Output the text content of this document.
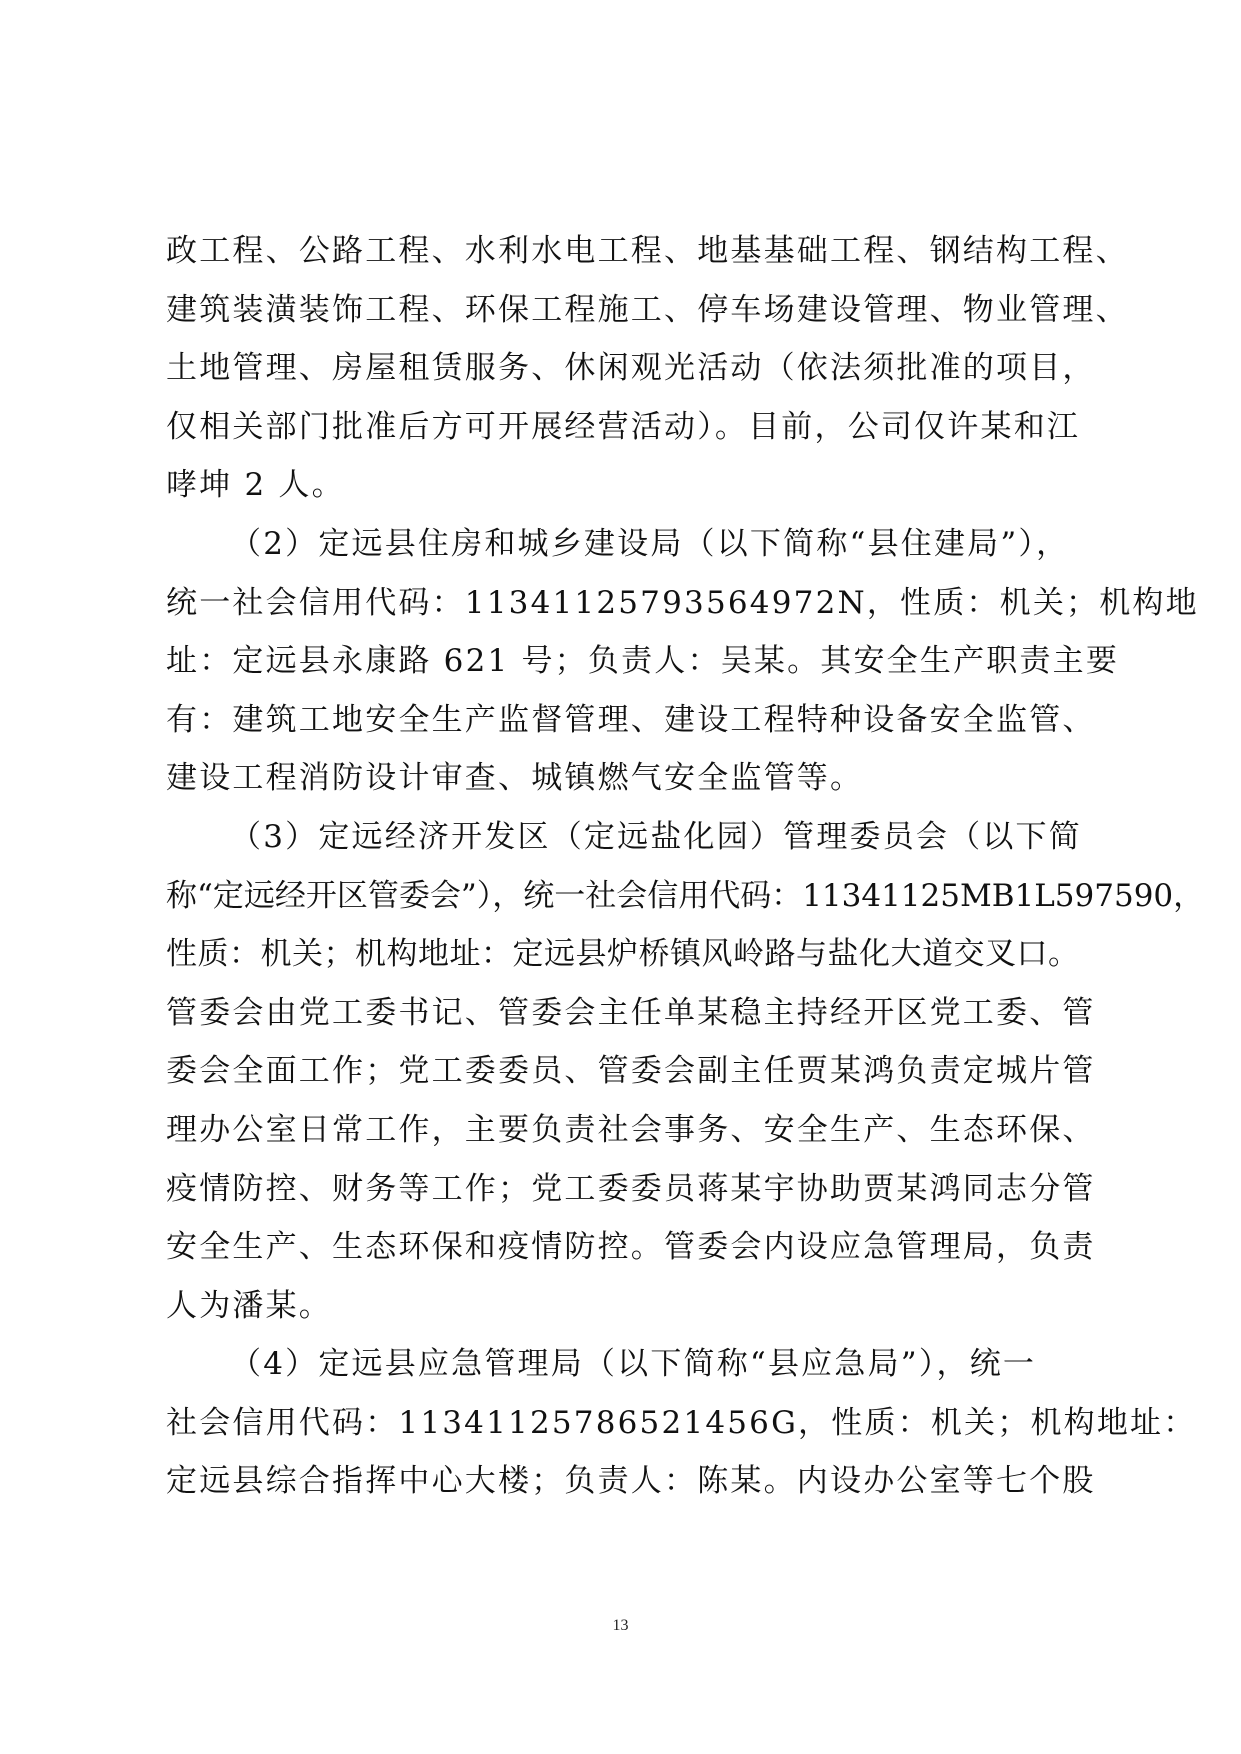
政工程、公路工程、水利水电工程、地基基础工程、钢结构工程、
建筑装潢装饰工程、环保工程施工、停车场建设管理、物业管理、
土地管理、房屋租赁服务、休闲观光活动（依法须批准的项目，
仅相关部门批准后方可开展经营活动）。目前，公司仅许某和江
哮坤 2 人。
（2）定远县住房和城乡建设局（以下简称“县住建局”），
统一社会信用代码：11341125793564972N，性质：机关；机构地
址：定远县永康路 621 号；负责人：吴某。其安全生产职责主要
有：建筑工地安全生产监督管理、建设工程特种设备安全监管、
建设工程消防设计审查、城镇燃气安全监管等。
（3）定远经济开发区（定远盐化园）管理委员会（以下简
称“定远经开区管委会”），统一社会信用代码：11341125MB1L597590，
性质：机关；机构地址：定远县炉桥镇风岭路与盐化大道交叉口。
管委会由党工委书记、管委会主任单某稳主持经开区党工委、管
委会全面工作；党工委委员、管委会副主任贾某鸿负责定城片管
理办公室日常工作，主要负责社会事务、安全生产、生态环保、
疫情防控、财务等工作；党工委委员蒋某宇协助贾某鸿同志分管
安全生产、生态环保和疫情防控。管委会内设应急管理局，负责
人为潘某。
（4）定远县应急管理局（以下简称“县应急局”），统一
社会信用代码：11341125786521456G，性质：机关；机构地址：
定远县综合指挥中心大楼；负责人：陈某。内设办公室等七个股
13
